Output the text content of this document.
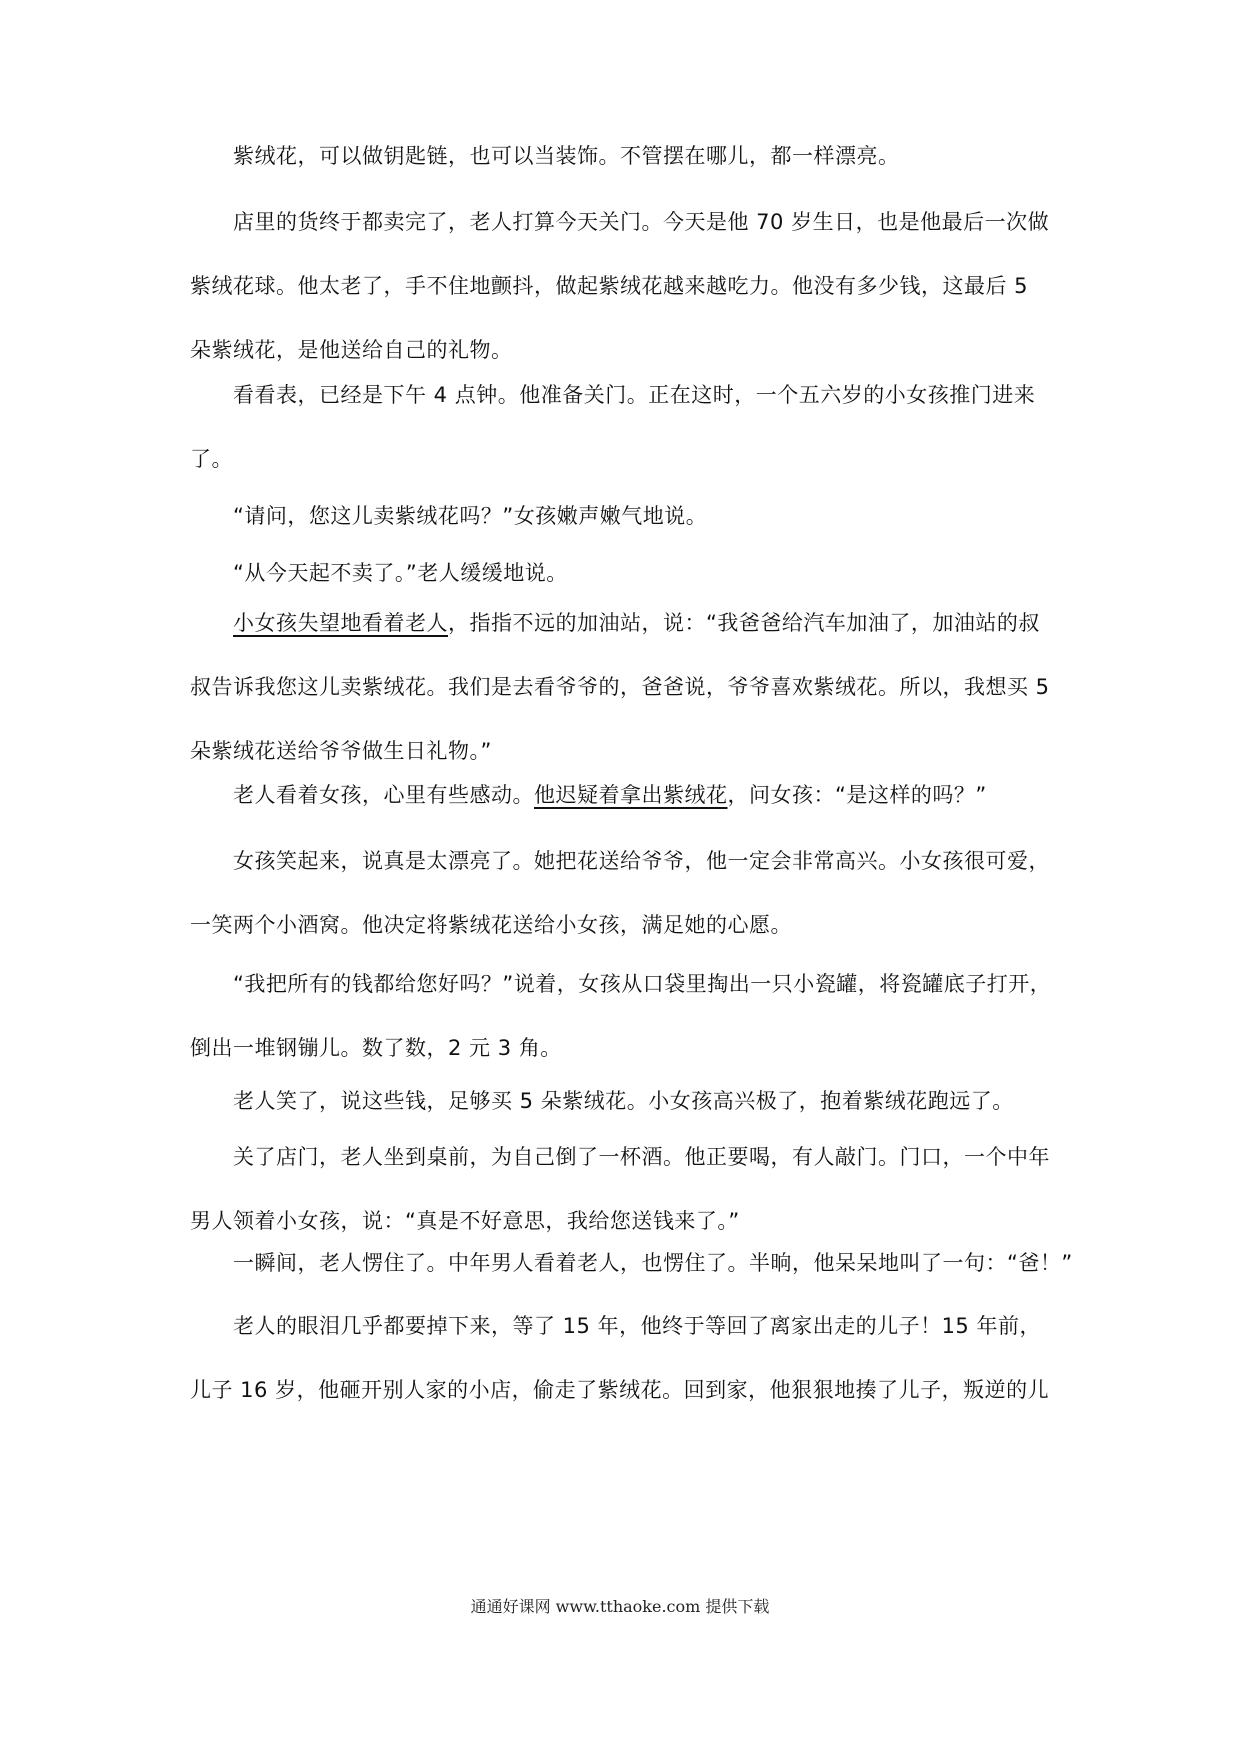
　　紫绒花，可以做钥匙链，也可以当装饰。不管摆在哪儿，都一样漂亮。
　　店里的货终于都卖完了，老人打算今天关门。今天是他 70 岁生日，也是他最后一次做
紫绒花球。他太老了，手不住地颤抖，做起紫绒花越来越吃力。他没有多少钱，这最后 5
朵紫绒花，是他送给自己的礼物。
　　看看表，已经是下午 4 点钟。他准备关门。正在这时，一个五六岁的小女孩推门进来
了。
　　“请问，您这儿卖紫绒花吗？”女孩嫩声嫩气地说。
　　“从今天起不卖了。”老人缓缓地说。
　　小女孩失望地看着老人，指指不远的加油站，说：“我爸爸给汽车加油了，加油站的叔
叔告诉我您这儿卖紫绒花。我们是去看爷爷的，爸爸说，爷爷喜欢紫绒花。所以，我想买 5
朵紫绒花送给爷爷做生日礼物。”
　　老人看着女孩，心里有些感动。他迟疑着拿出紫绒花，问女孩：“是这样的吗？”
　　女孩笑起来，说真是太漂亮了。她把花送给爷爷，他一定会非常高兴。小女孩很可爱，
一笑两个小酒窝。他决定将紫绒花送给小女孩，满足她的心愿。
　　“我把所有的钱都给您好吗？”说着，女孩从口袋里掏出一只小瓷罐，将瓷罐底子打开，
倒出一堆钢镚儿。数了数，2 元 3 角。
　　老人笑了，说这些钱，足够买 5 朵紫绒花。小女孩高兴极了，抱着紫绒花跑远了。
　　关了店门，老人坐到桌前，为自己倒了一杯酒。他正要喝，有人敲门。门口，一个中年
男人领着小女孩，说：“真是不好意思，我给您送钱来了。”
　　一瞬间，老人愣住了。中年男人看着老人，也愣住了。半晌，他呆呆地叫了一句：“爸！”
　　老人的眼泪几乎都要掉下来，等了 15 年，他终于等回了离家出走的儿子！15 年前，
儿子 16 岁，他砸开别人家的小店，偷走了紫绒花。回到家，他狠狠地揍了儿子，叛逆的儿
通通好课网 www.tthaoke.com 提供下载
